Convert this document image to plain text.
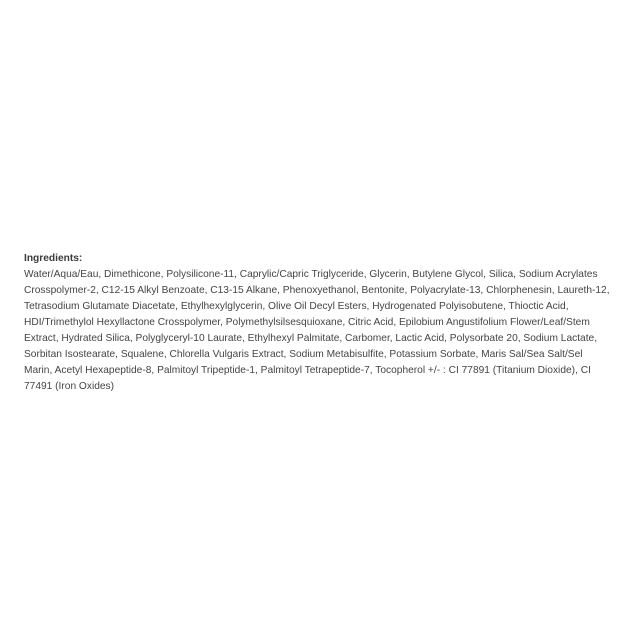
Ingredients:

Water/Aqua/Eau, Dimethicone, Polysilicone-11, Caprylic/Capric Triglyceride, Glycerin, Butylene Glycol, Silica, Sodium Acrylates
Crosspolymer-2, C12-15 Alkyl Benzoate, C13-15 Alkane, Phenoxyethanol, Bentonite, Polyacrylate-13, Chlorphenesin, Laureth-12,
Tetrasodium Glutamate Diacetate, Ethylhexylglycerin, Olive Oil Decyl Esters, Hydrogenated Polyisobutene, Thioctic Acid,
HDI/Trimethylol Hexyllactone Crosspolymer, Polymethylsilsesquioxane, Citric Acid, Epilobium Angustifolium Flower/Leaf/Stem
Extract, Hydrated Silica, Polyglyceryl-10 Laurate, Ethylhexyl Palmitate, Carbomer, Lactic Acid, Polysorbate 20, Sodium Lactate,
Sorbitan Isostearate, Squalene, Chlorella Vulgaris Extract, Sodium Metabisulfite, Potassium Sorbate, Maris Sal/Sea Salt/Sel
Marin, Acetyl Hexapeptide-8, Palmitoyl Tripeptide-1, Palmitoyl Tetrapeptide-7, Tocopherol +/- : CI 77891 (Titanium Dioxide), CI
77491 (Iron Oxides)
